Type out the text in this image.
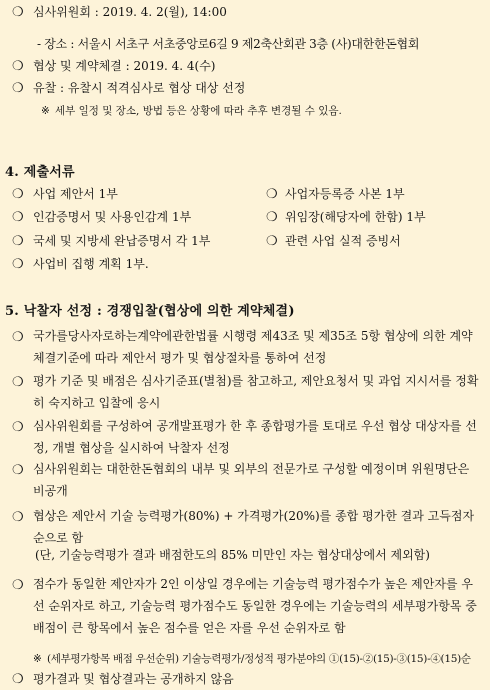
❍ 심사위원회 : 2019. 4. 2(월), 14:00
- 장소 : 서울시 서초구 서초중앙로6길 9 제2축산회관 3층 (사)대한한돈협회
❍ 협상 및 계약체결 : 2019. 4. 4(수)
❍ 유찰 : 유찰시 적격심사로 협상 대상 선정
※ 세부 일정 및 장소, 방법 등은 상황에 따라 추후 변경될 수 있음.
4. 제출서류
❍ 사업 제안서 1부	❍ 사업자등록증 사본 1부
❍ 인감증명서 및 사용인감계 1부	❍ 위임장(해당자에 한함) 1부
❍ 국세 및 지방세 완납증명서 각 1부	❍ 관련 사업 실적 증빙서
❍ 사업비 집행 계획 1부.
5. 낙찰자 선정 : 경쟁입찰(협상에 의한 계약체결)
❍ 국가를당사자로하는계약에관한법률 시행령 제43조 및 제35조 5항 협상에 의한 계약체결기준에 따라 제안서 평가 및 협상절차를 통하여 선정
❍ 평가 기준 및 배점은 심사기준표(별첨)를 참고하고, 제안요청서 및 과업 지시서를 정확히 숙지하고 입찰에 응시
❍ 심사위원회를 구성하여 공개발표평가 한 후 종합평가를 토대로 우선 협상 대상자를 선정, 개별 협상을 실시하여 낙찰자 선정
❍ 심사위원회는 대한한돈협회의 내부 및 외부의 전문가로 구성할 예정이며 위원명단은 비공개
❍ 협상은 제안서 기술 능력평가(80%) + 가격평가(20%)를 종합 평가한 결과 고득점자순으로 함
(단, 기술능력평가 결과 배점한도의 85% 미만인 자는 협상대상에서 제외함)
❍ 점수가 동일한 제안자가 2인 이상일 경우에는 기술능력 평가점수가 높은 제안자를 우선 순위자로 하고, 기술능력 평가점수도 동일한 경우에는 기술능력의 세부평가항목 중 배점이 큰 항목에서 높은 점수를 얻은 자를 우선 순위자로 함
※ (세부평가항목 배점 우선순위) 기술능력평가/정성적 평가분야의 ①(15)-②(15)-③(15)-④(15)순
❍ 평가결과 및 협상결과는 공개하지 않음
